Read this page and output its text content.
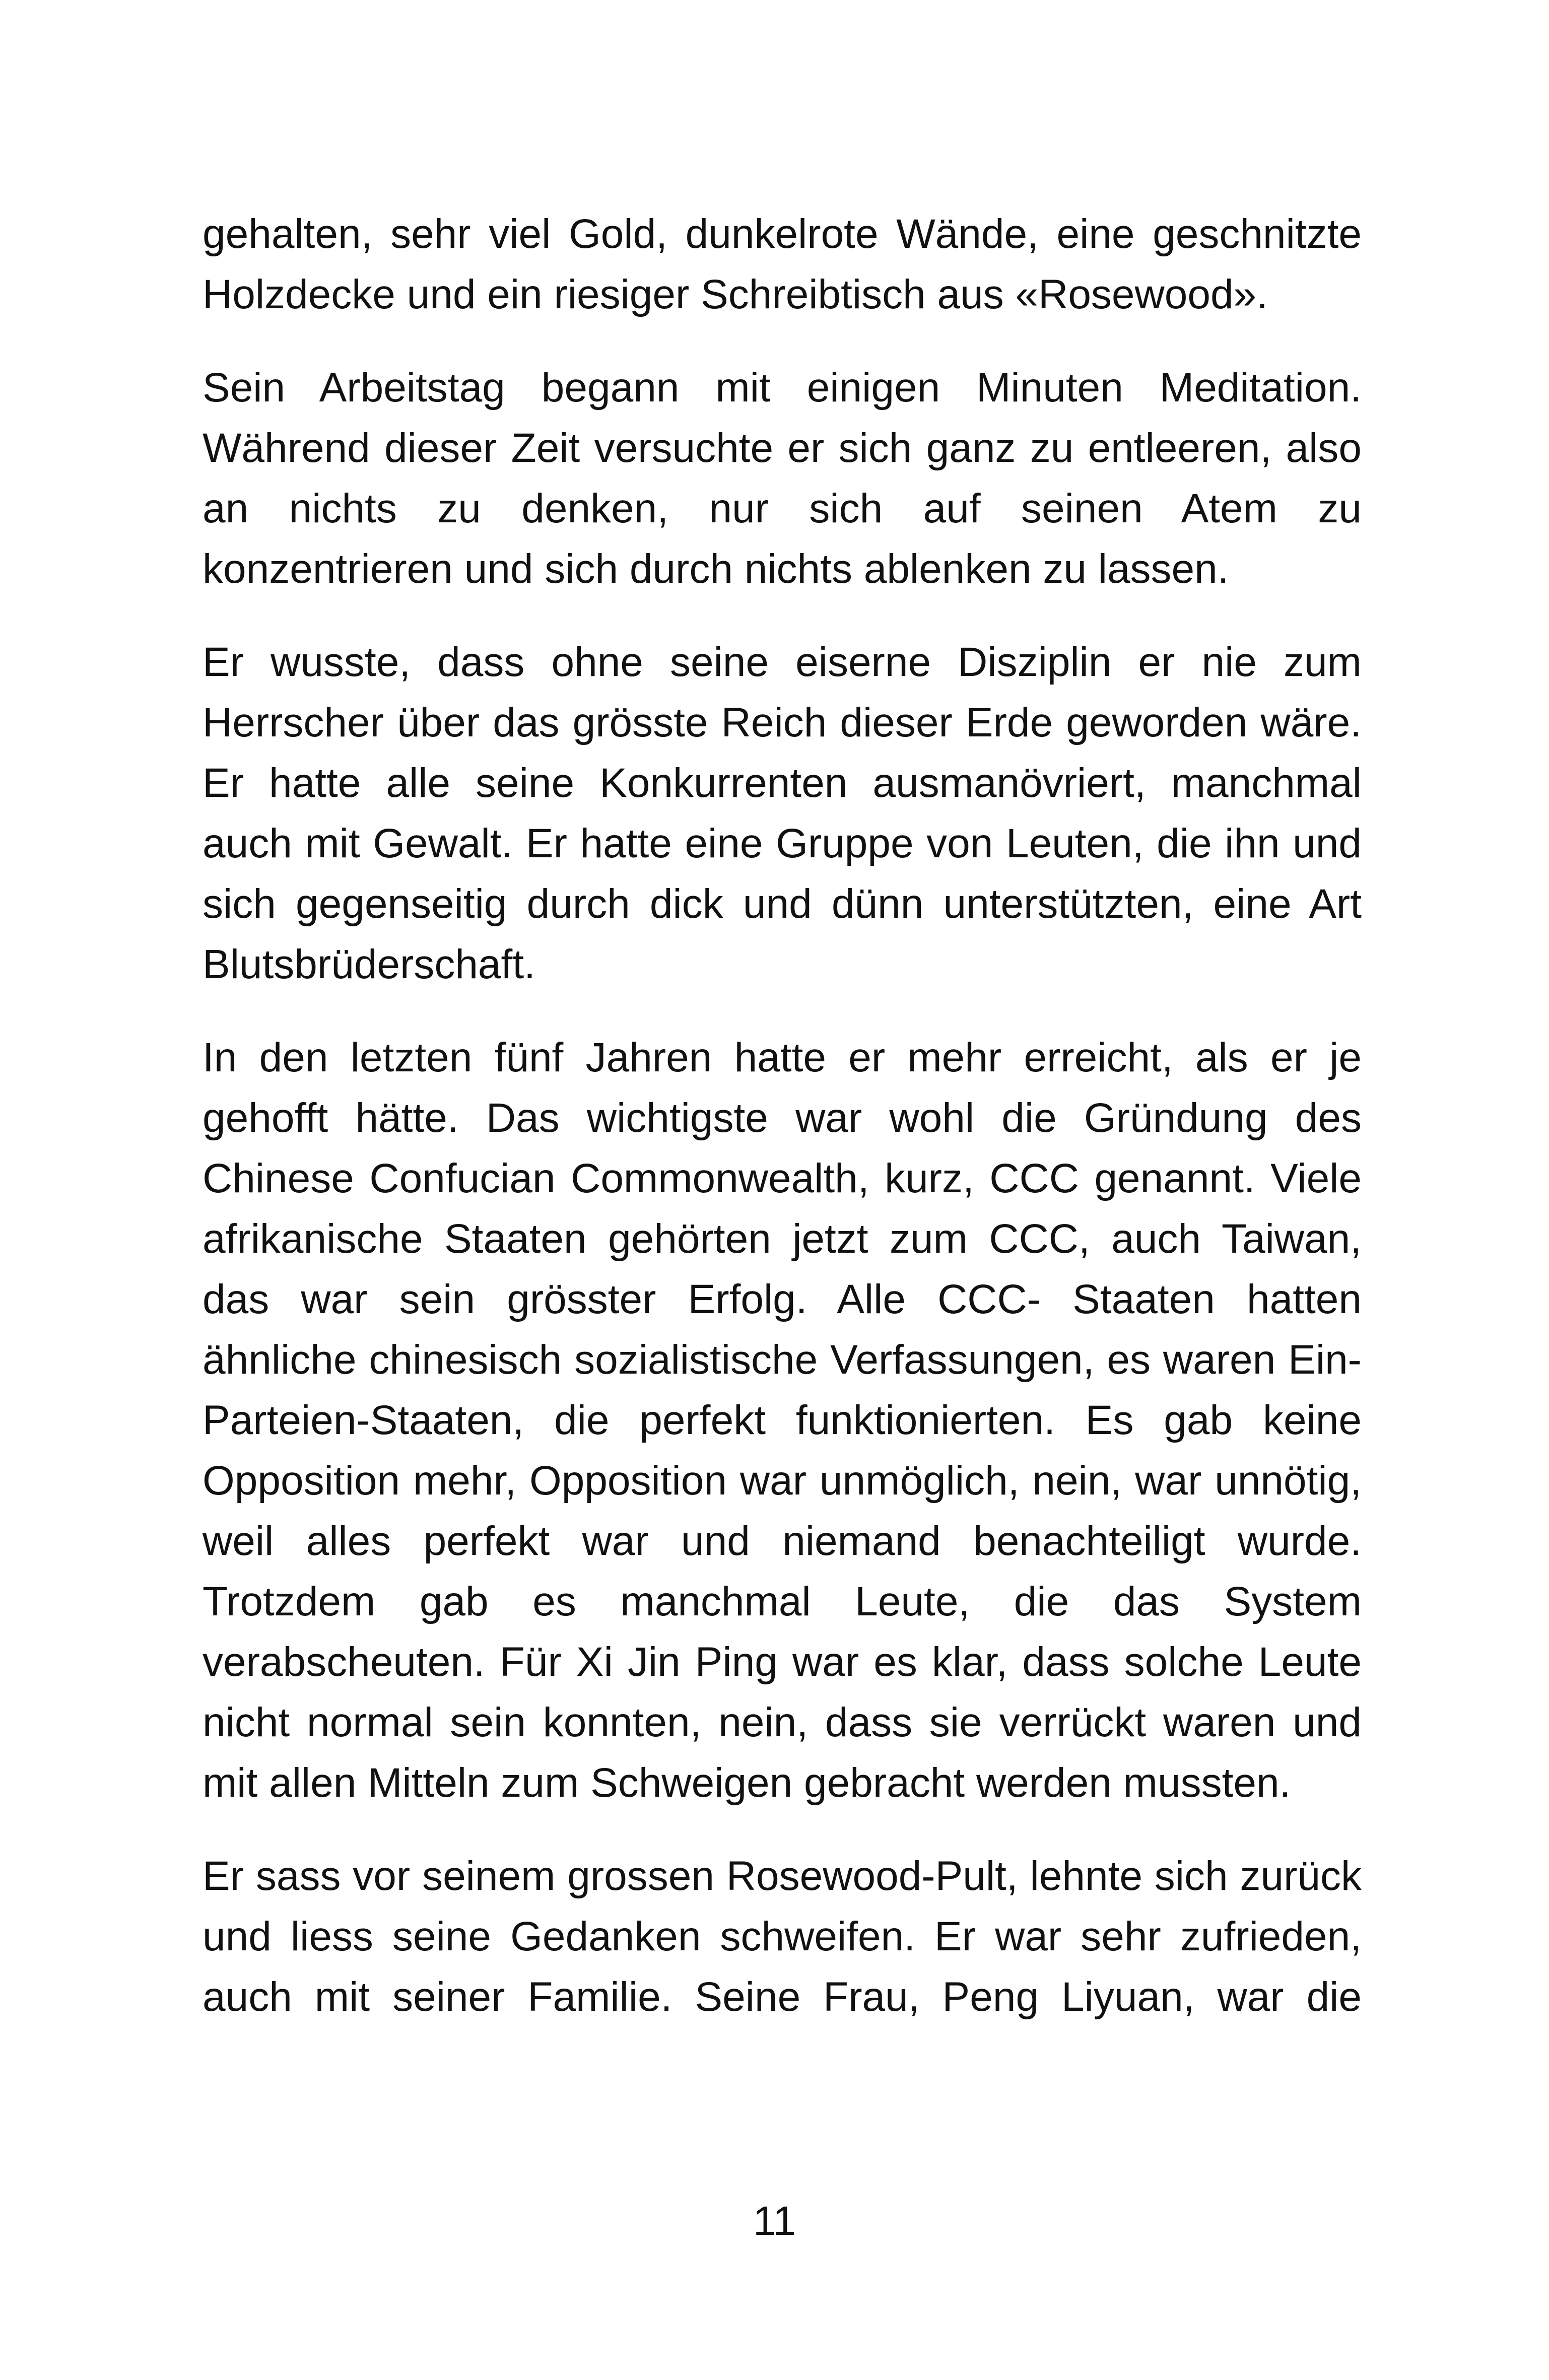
gehalten, sehr viel Gold, dunkelrote Wände, eine geschnitzte Holzdecke und ein riesiger Schreibtisch aus «Rosewood».

Sein Arbeitstag begann mit einigen Minuten Meditation. Während dieser Zeit versuchte er sich ganz zu entleeren, also an nichts zu denken, nur sich auf seinen Atem zu konzentrieren und sich durch nichts ablenken zu lassen.

Er wusste, dass ohne seine eiserne Disziplin er nie zum Herrscher über das grösste Reich dieser Erde geworden wäre. Er hatte alle seine Konkurrenten ausmanövriert, manchmal auch mit Gewalt. Er hatte eine Gruppe von Leuten, die ihn und sich gegenseitig durch dick und dünn unterstützten, eine Art Blutsbrüderschaft.

In den letzten fünf Jahren hatte er mehr erreicht, als er je gehofft hätte. Das wichtigste war wohl die Gründung des Chinese Confucian Commonwealth, kurz, CCC genannt. Viele afrikanische Staaten gehörten jetzt zum CCC, auch Taiwan, das war sein grösster Erfolg. Alle CCC- Staaten hatten ähnliche chinesisch sozialistische Verfassungen, es waren Ein-Parteien-Staaten, die perfekt funktionierten. Es gab keine Opposition mehr, Opposition war unmöglich, nein, war unnötig, weil alles perfekt war und niemand benachteiligt wurde. Trotzdem gab es manchmal Leute, die das System verabscheuten. Für Xi Jin Ping war es klar, dass solche Leute nicht normal sein konnten, nein, dass sie verrückt waren und mit allen Mitteln zum Schweigen gebracht werden mussten.

Er sass vor seinem grossen Rosewood-Pult, lehnte sich zurück und liess seine Gedanken schweifen. Er war sehr zufrieden, auch mit seiner Familie. Seine Frau, Peng Liyuan, war die

11
